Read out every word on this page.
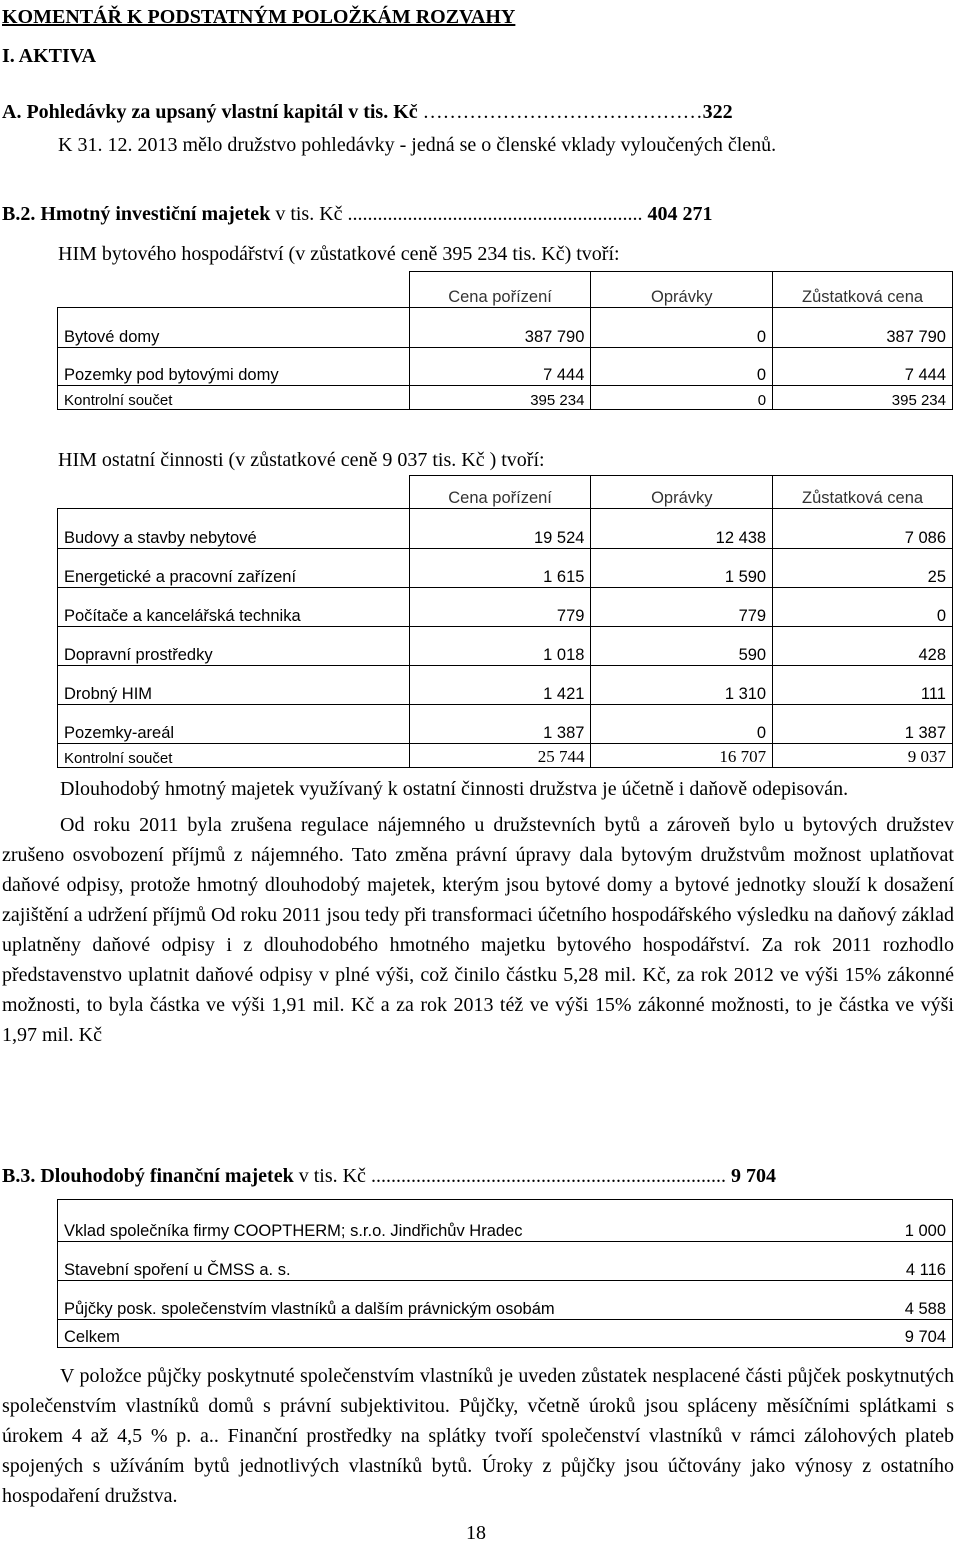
KOMENTÁŘ K PODSTATNÝM POLOŽKÁM ROZVAHY
I. AKTIVA
A. Pohledávky za upsaný vlastní kapitál v tis. Kč ……………………………………322
K 31. 12. 2013 mělo družstvo pohledávky - jedná se o členské vklady vyloučených členů.
B.2. Hmotný investiční majetek v tis. Kč ........................................................... 404 271
HIM bytového hospodářství (v zůstatkové ceně 395 234 tis. Kč) tvoří:
	Cena pořízení	Oprávky	Zůstatková cena
Bytové domy	387 790	0	387 790
Pozemky pod bytovými domy	7 444	0	7 444
Kontrolní součet	395 234	0	395 234
HIM ostatní činnosti (v zůstatkové ceně 9 037 tis. Kč ) tvoří:
	Cena pořízení	Oprávky	Zůstatková cena
Budovy a stavby nebytové	19 524	12 438	7 086
Energetické a pracovní zařízení	1 615	1 590	25
Počítače a kancelářská technika	779	779	0
Dopravní prostředky	1 018	590	428
Drobný HIM	1 421	1 310	111
Pozemky-areál	1 387	0	1 387
Kontrolní součet	25 744	16 707	9 037

Dlouhodobý hmotný majetek využívaný k ostatní činnosti družstva je účetně i daňově odepisován.

Od roku 2011 byla zrušena regulace nájemného u družstevních bytů a zároveň bylo u bytových družstev zrušeno osvobození příjmů z nájemného. Tato změna právní úpravy dala bytovým družstvům možnost uplatňovat daňové odpisy, protože hmotný dlouhodobý majetek, kterým jsou bytové domy a bytové jednotky slouží k dosažení zajištění a udržení příjmů Od roku 2011 jsou tedy při transformaci účetního hospodářského výsledku na daňový základ uplatněny daňové odpisy i z dlouhodobého hmotného majetku bytového hospodářství. Za rok 2011 rozhodlo představenstvo uplatnit daňové odpisy v plné výši, což činilo částku 5,28 mil. Kč, za rok 2012 ve výši 15% zákonné možnosti, to byla částka ve výši 1,91 mil. Kč a za rok 2013 též ve výši 15% zákonné možnosti, to je částka ve výši 1,97 mil. Kč

B.3. Dlouhodobý finanční majetek v tis. Kč ....................................................................... 9 704
Vklad společníka firmy COOPTHERM; s.r.o. Jindřichův Hradec	1 000
Stavební spoření u ČMSS a. s.	4 116
Půjčky posk. společenstvím vlastníků a dalším právnickým osobám	4 588
Celkem	9 704

V položce půjčky poskytnuté společenstvím vlastníků je uveden zůstatek nesplacené části půjček poskytnutých společenstvím vlastníků domů s právní subjektivitou. Půjčky, včetně úroků jsou spláceny měsíčními splátkami s úrokem 4 až 4,5 % p. a.. Finanční prostředky na splátky tvoří společenství vlastníků v rámci zálohových plateb spojených s užíváním bytů jednotlivých vlastníků bytů. Úroky z půjčky jsou účtovány jako výnosy z ostatního hospodaření družstva.

18
